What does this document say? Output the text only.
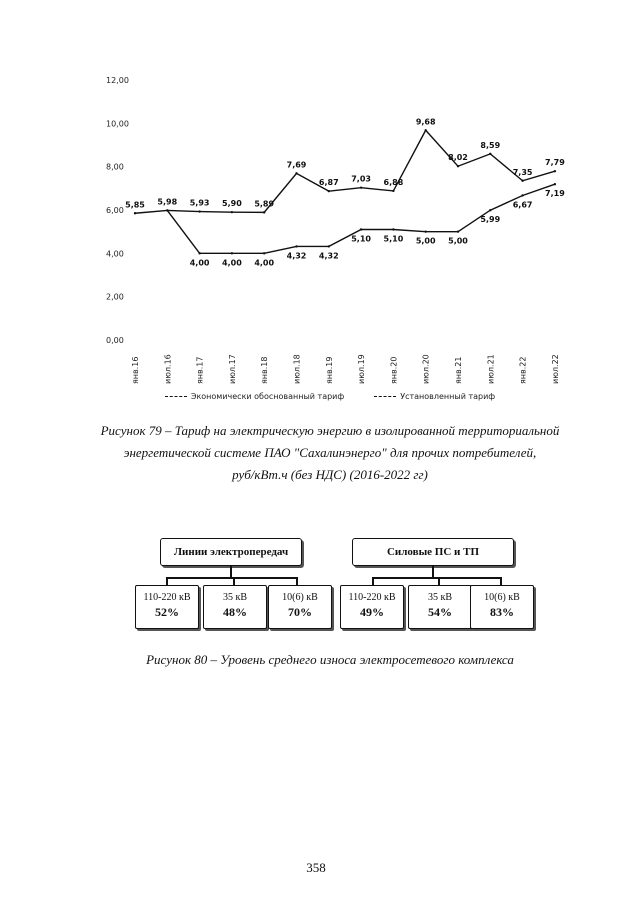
0,00
2,00
4,00
6,00
8,00
10,00
12,00
янв.16	июл.16	янв.17	июл.17	янв.18	июл.18	янв.19	июл.19	янв.20	июл.20	янв.21	июл.21	янв.22	июл.22
5,85 5,98 5,93 5,90 5,89
7,69
6,87 7,03 6,88
9,68
8,02
8,59
7,35
7,79
4,00 4,00 4,00
4,32 4,32
5,10 5,10 5,00 5,00
5,99
6,67
7,19
Экономически обоснованный тариф	Установленный тариф
Рисунок 79 – Тариф на электрическую энергию в изолированной территориальной
энергетической системе ПАО "Сахалинэнерго" для прочих потребителей,
руб/кВт.ч (без НДС) (2016-2022 гг)
Линии электропередач	Силовые ПС и ТП
110-220 кВ
52%
35 кВ
48%
10(6) кВ
70%
110-220 кВ
49%
35 кВ
54%
10(6) кВ
83%
Рисунок 80 – Уровень среднего износа электросетевого комплекса
358
